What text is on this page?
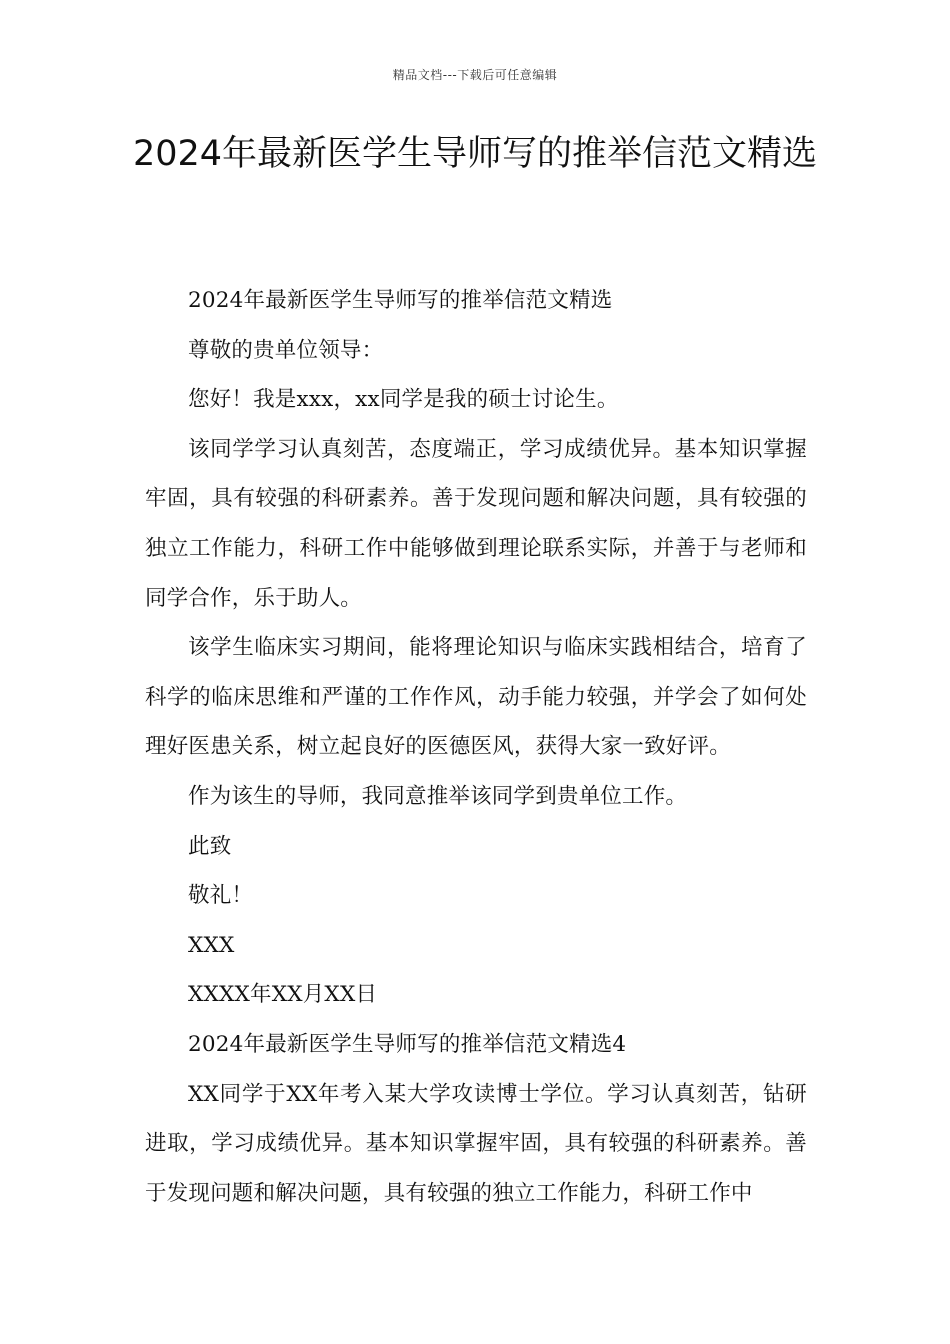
精品文档---下载后可任意编辑
2024年最新医学生导师写的推举信范文精选

2024年最新医学生导师写的推举信范文精选

尊敬的贵单位领导：

您好！我是xxx，xx同学是我的硕士讨论生。

该同学学习认真刻苦，态度端正，学习成绩优异。基本知识掌握牢固，具有较强的科研素养。善于发现问题和解决问题，具有较强的独立工作能力，科研工作中能够做到理论联系实际，并善于与老师和同学合作，乐于助人。

该学生临床实习期间，能将理论知识与临床实践相结合，培育了科学的临床思维和严谨的工作作风，动手能力较强，并学会了如何处理好医患关系，树立起良好的医德医风，获得大家一致好评。

作为该生的导师，我同意推举该同学到贵单位工作。

此致

敬礼！

XXX

XXXX年XX月XX日

2024年最新医学生导师写的推举信范文精选4

XX同学于XX年考入某大学攻读博士学位。学习认真刻苦，钻研进取，学习成绩优异。基本知识掌握牢固，具有较强的科研素养。善于发现问题和解决问题，具有较强的独立工作能力，科研工作中
